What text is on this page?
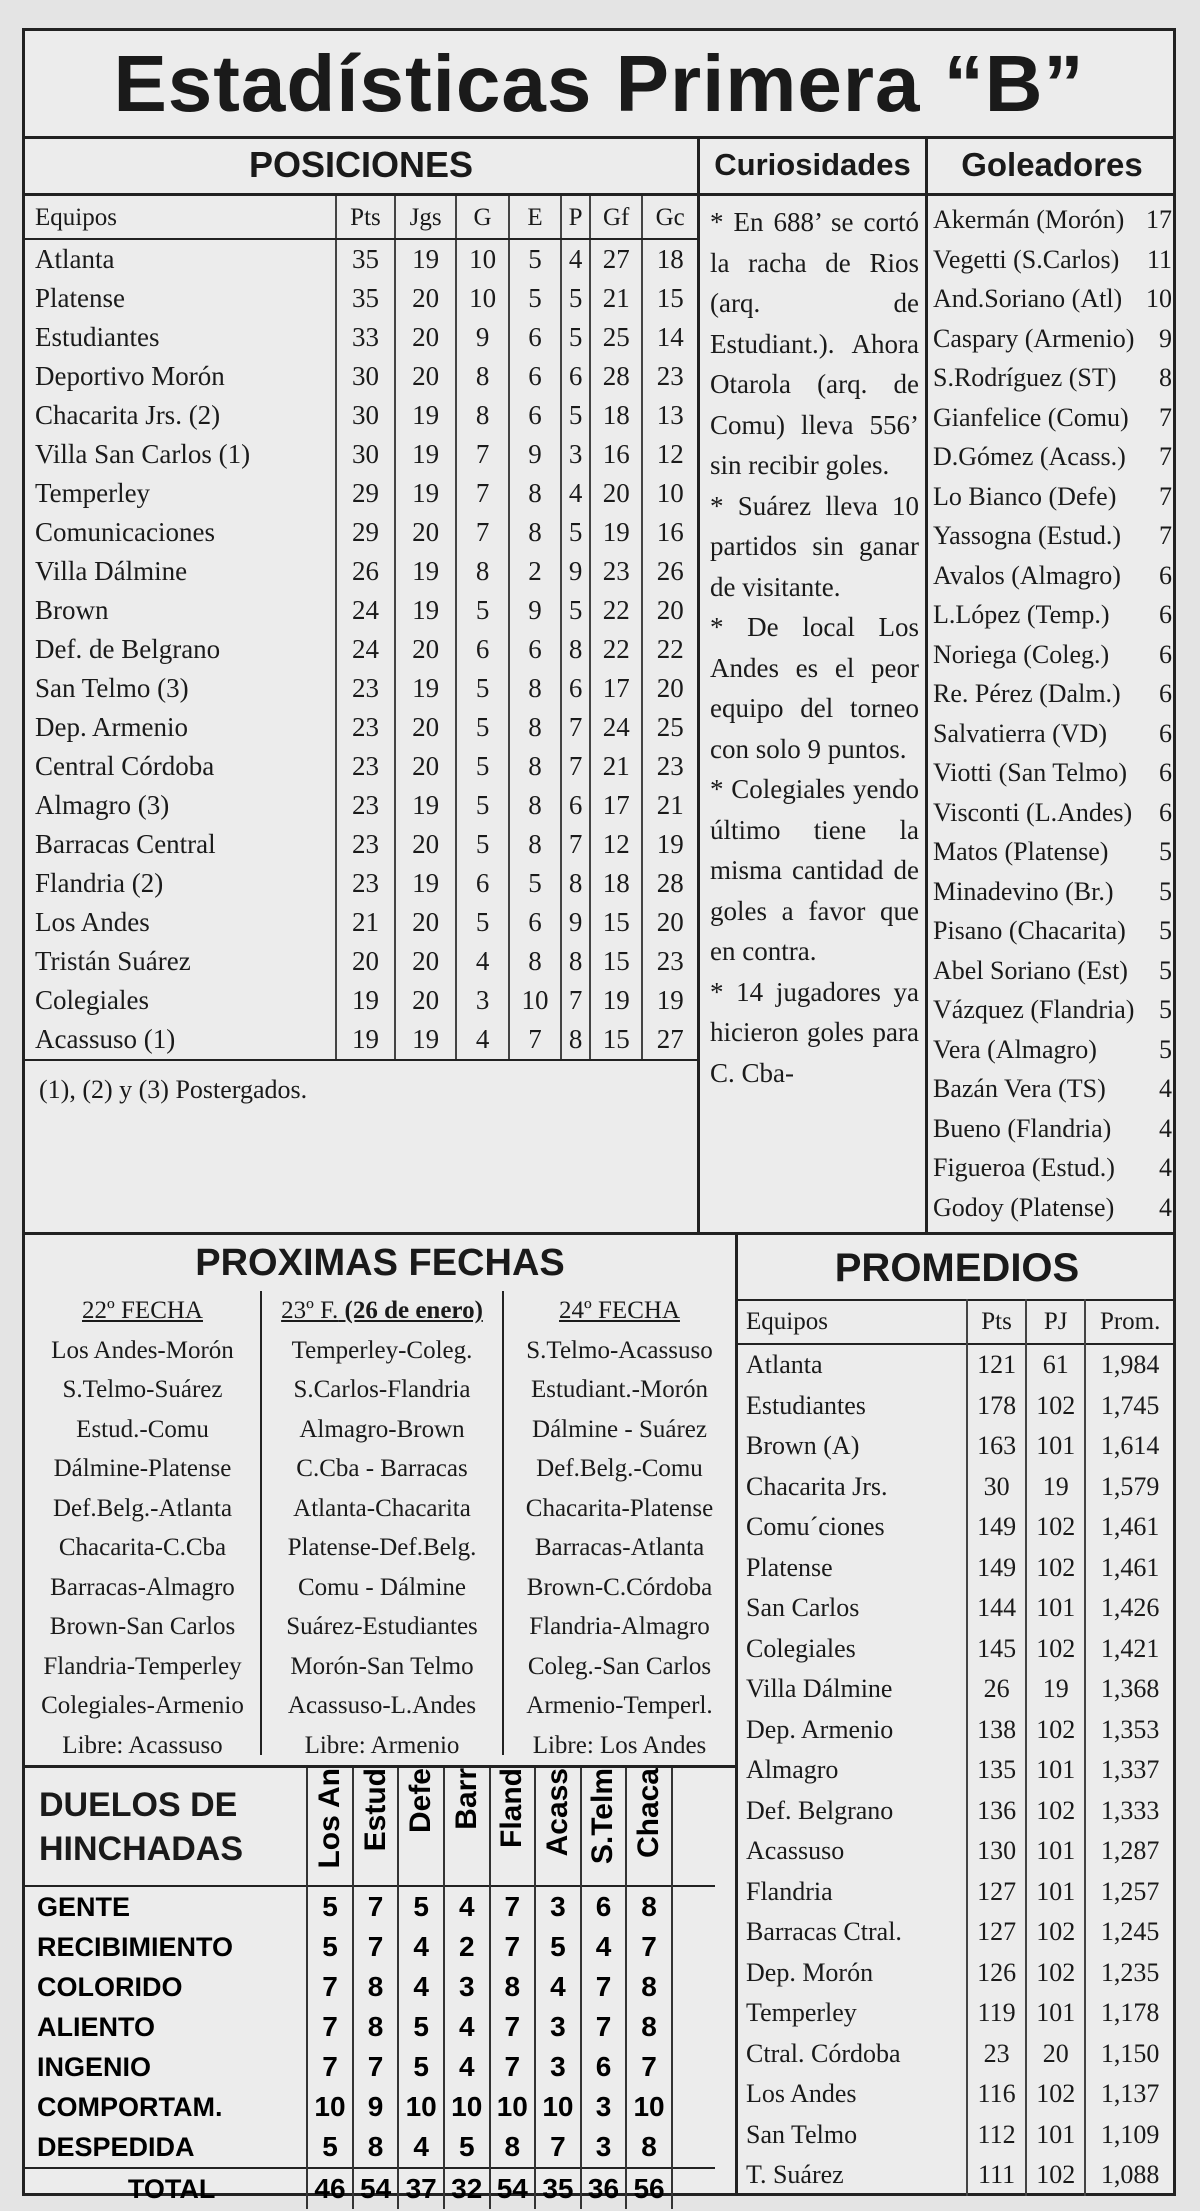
Estadísticas Primera “B”
POSICIONES
Equipos	Pts	Jgs	G	E	P	Gf	Gc
Atlanta	35	19	10	5	4	27	18
Platense	35	20	10	5	5	21	15
Estudiantes	33	20	9	6	5	25	14
Deportivo Morón	30	20	8	6	6	28	23
Chacarita Jrs. (2)	30	19	8	6	5	18	13
Villa San Carlos (1)	30	19	7	9	3	16	12
Temperley	29	19	7	8	4	20	10
Comunicaciones	29	20	7	8	5	19	16
Villa Dálmine	26	19	8	2	9	23	26
Brown	24	19	5	9	5	22	20
Def. de Belgrano	24	20	6	6	8	22	22
San Telmo (3)	23	19	5	8	6	17	20
Dep. Armenio	23	20	5	8	7	24	25
Central Córdoba	23	20	5	8	7	21	23
Almagro (3)	23	19	5	8	6	17	21
Barracas Central	23	20	5	8	7	12	19
Flandria (2)	23	19	6	5	8	18	28
Los Andes	21	20	5	6	9	15	20
Tristán Suárez	20	20	4	8	8	15	23
Colegiales	19	20	3	10	7	19	19
Acassuso (1)	19	19	4	7	8	15	27
(1), (2) y (3) Postergados.
Curiosidades

* En 688’ se cortó la racha de Rios (arq. de Estudiant.). Ahora Otarola (arq. de Comu) lleva 556’ sin recibir goles.

* Suárez lleva 10 partidos sin ganar de visitante.

* De local Los Andes es el peor equipo del torneo con solo 9 puntos.

* Colegiales yendo último tiene la misma cantidad de goles a favor que en contra.

* 14 jugadores ya hicieron goles para C. Cba-

Goleadores
Akermán (Morón) 17
Vegetti (S.Carlos) 11
And.Soriano (Atl) 10
Caspary (Armenio) 9
S.Rodríguez (ST) 8
Gianfelice (Comu) 7
D.Gómez (Acass.) 7
Lo Bianco (Defe) 7
Yassogna (Estud.) 7
Avalos (Almagro) 6
L.López (Temp.) 6
Noriega (Coleg.) 6
Re. Pérez (Dalm.) 6
Salvatierra (VD) 6
Viotti (San Telmo) 6
Visconti (L.Andes) 6
Matos (Platense) 5
Minadevino (Br.) 5
Pisano (Chacarita) 5
Abel Soriano (Est) 5
Vázquez (Flandria) 5
Vera (Almagro) 5
Bazán Vera (TS) 4
Bueno (Flandria) 4
Figueroa (Estud.) 4
Godoy (Platense) 4
PROXIMAS FECHAS
22º FECHA
Los Andes-Morón
S.Telmo-Suárez
Estud.-Comu
Dálmine-Platense
Def.Belg.-Atlanta
Chacarita-C.Cba
Barracas-Almagro
Brown-San Carlos
Flandria-Temperley
Colegiales-Armenio
Libre: Acassuso
23º F. (26 de enero)
Temperley-Coleg.
S.Carlos-Flandria
Almagro-Brown
C.Cba - Barracas
Atlanta-Chacarita
Platense-Def.Belg.
Comu - Dálmine
Suárez-Estudiantes
Morón-San Telmo
Acassuso-L.Andes
Libre: Armenio
24º FECHA
S.Telmo-Acassuso
Estudiant.-Morón
Dálmine - Suárez
Def.Belg.-Comu
Chacarita-Platense
Barracas-Atlanta
Brown-C.Córdoba
Flandria-Almagro
Coleg.-San Carlos
Armenio-Temperl.
Libre: Los Andes
PROMEDIOS
Equipos	Pts	PJ	Prom.
Atlanta	121	61	1,984
Estudiantes	178	102	1,745
Brown (A)	163	101	1,614
Chacarita Jrs.	30	19	1,579
Comu´ciones	149	102	1,461
Platense	149	102	1,461
San Carlos	144	101	1,426
Colegiales	145	102	1,421
Villa Dálmine	26	19	1,368
Dep. Armenio	138	102	1,353
Almagro	135	101	1,337
Def. Belgrano	136	102	1,333
Acassuso	130	101	1,287
Flandria	127	101	1,257
Barracas Ctral.	127	102	1,245
Dep. Morón	126	102	1,235
Temperley	119	101	1,178
Ctral. Córdoba	23	20	1,150
Los Andes	116	102	1,137
San Telmo	112	101	1,109
T. Suárez	111	102	1,088
DUELOS DE
HINCHADAS	Los An	Estud	Defe	Barr	Fland	Acass	S.Telm	Chaca	
GENTE	5	7	5	4	7	3	6	8	
RECIBIMIENTO	5	7	4	2	7	5	4	7	
COLORIDO	7	8	4	3	8	4	7	8	
ALIENTO	7	8	5	4	7	3	7	8	
INGENIO	7	7	5	4	7	3	6	7	
COMPORTAM.	10	9	10	10	10	10	3	10	
DESPEDIDA	5	8	4	5	8	7	3	8	
TOTAL	46	54	37	32	54	35	36	56	
